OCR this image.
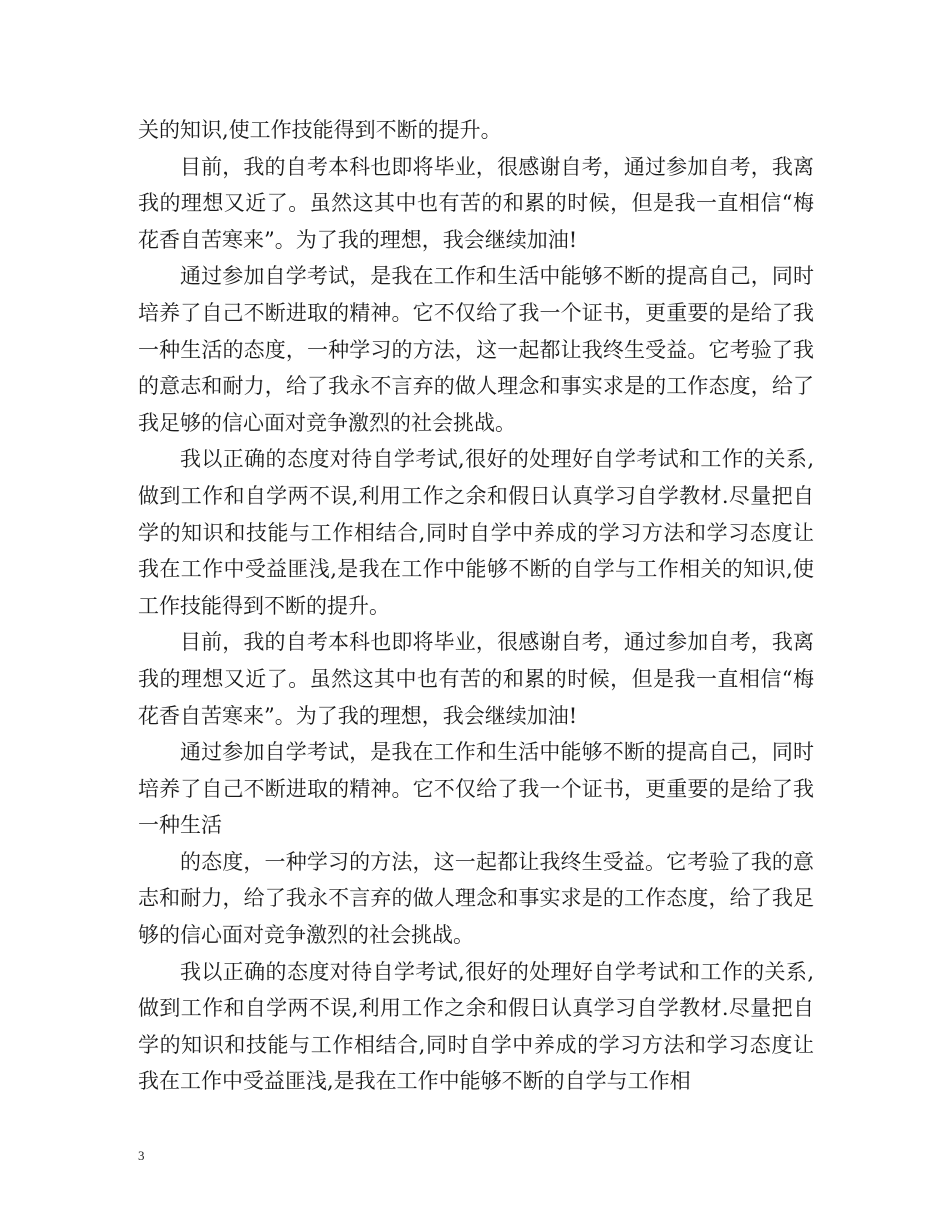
关的知识,使工作技能得到不断的提升。

目前，我的自考本科也即将毕业，很感谢自考，通过参加自考，我离我的理想又近了。虽然这其中也有苦的和累的时候，但是我一直相信“梅花香自苦寒来”。为了我的理想，我会继续加油!

通过参加自学考试，是我在工作和生活中能够不断的提高自己，同时培养了自己不断进取的精神。它不仅给了我一个证书，更重要的是给了我一种生活的态度，一种学习的方法，这一起都让我终生受益。它考验了我的意志和耐力，给了我永不言弃的做人理念和事实求是的工作态度，给了我足够的信心面对竞争激烈的社会挑战。

我以正确的态度对待自学考试,很好的处理好自学考试和工作的关系,做到工作和自学两不误,利用工作之余和假日认真学习自学教材.尽量把自学的知识和技能与工作相结合,同时自学中养成的学习方法和学习态度让我在工作中受益匪浅,是我在工作中能够不断的自学与工作相关的知识,使工作技能得到不断的提升。

目前，我的自考本科也即将毕业，很感谢自考，通过参加自考，我离我的理想又近了。虽然这其中也有苦的和累的时候，但是我一直相信“梅花香自苦寒来”。为了我的理想，我会继续加油!

通过参加自学考试，是我在工作和生活中能够不断的提高自己，同时培养了自己不断进取的精神。它不仅给了我一个证书，更重要的是给了我一种生活

的态度，一种学习的方法，这一起都让我终生受益。它考验了我的意志和耐力，给了我永不言弃的做人理念和事实求是的工作态度，给了我足够的信心面对竞争激烈的社会挑战。

我以正确的态度对待自学考试,很好的处理好自学考试和工作的关系,做到工作和自学两不误,利用工作之余和假日认真学习自学教材.尽量把自学的知识和技能与工作相结合,同时自学中养成的学习方法和学习态度让我在工作中受益匪浅,是我在工作中能够不断的自学与工作相

3
